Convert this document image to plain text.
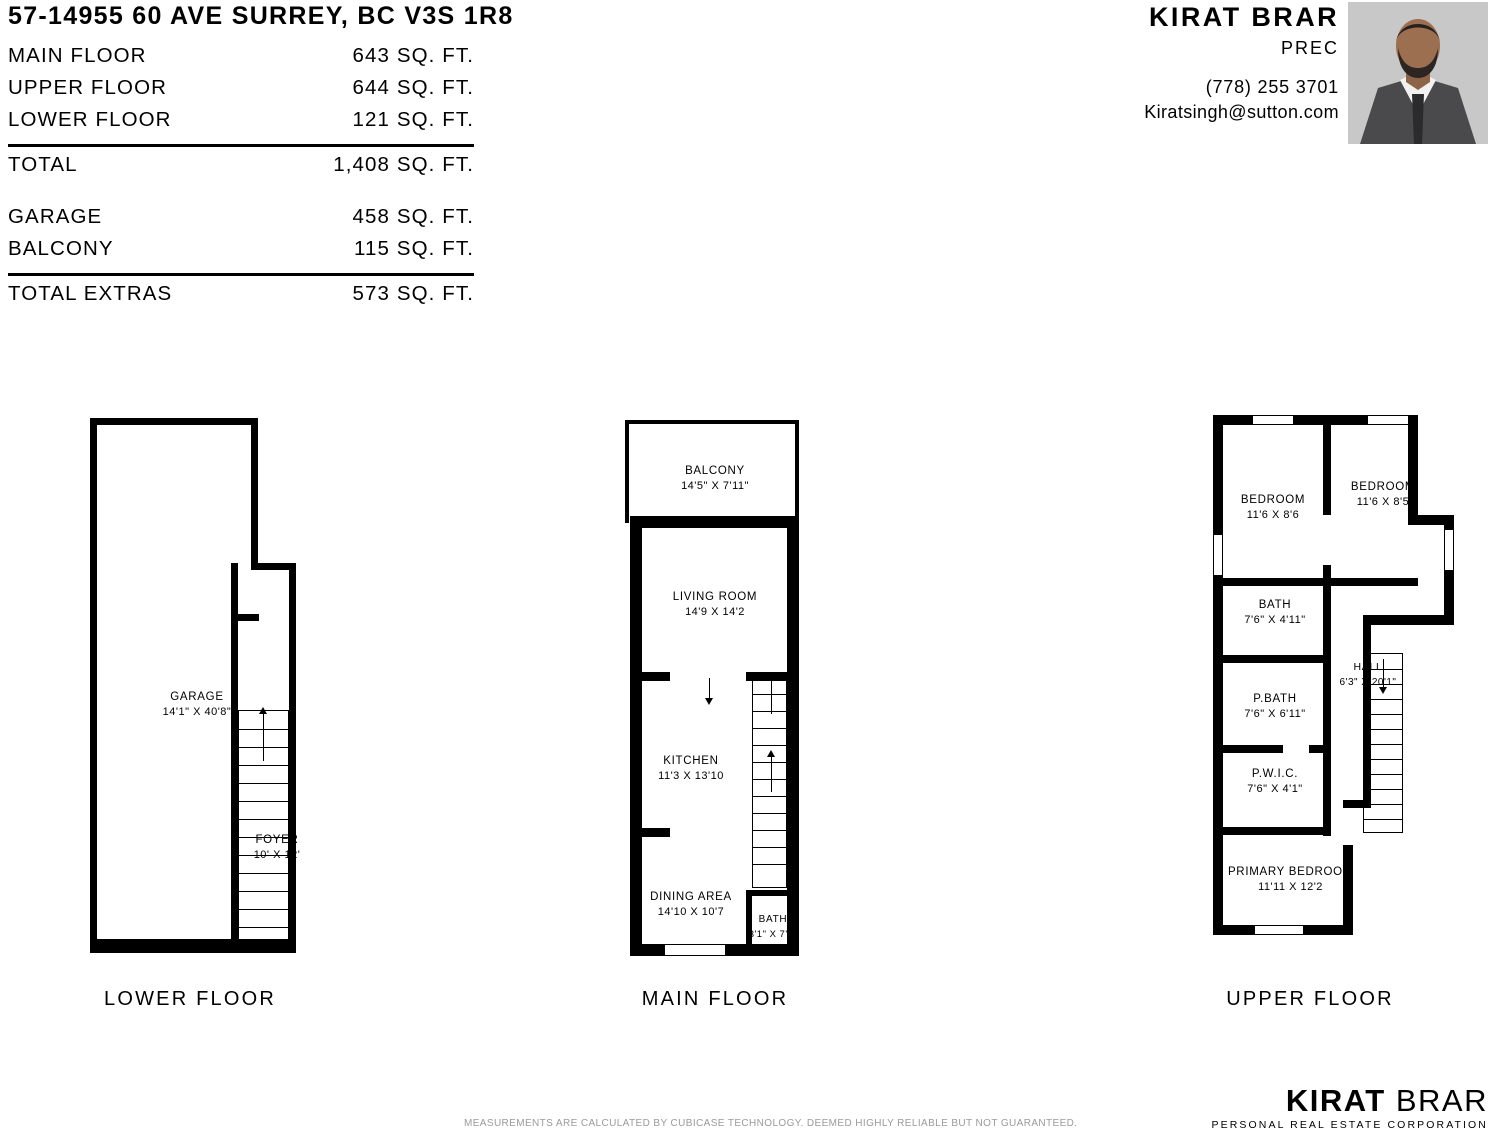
57-14955 60 AVE SURREY, BC V3S 1R8
MAIN FLOOR	643 SQ. FT.
UPPER FLOOR	644 SQ. FT.
LOWER FLOOR	121 SQ. FT.
TOTAL	1,408 SQ. FT.
GARAGE	458 SQ. FT.
BALCONY	115 SQ. FT.
TOTAL EXTRAS	573 SQ. FT.
KIRAT BRAR
PREC
(778) 255 3701
Kiratsingh@sutton.com
GARAGE
14'1" X 40'8"
FOYER
10' X 12'
LOWER FLOOR
BALCONY
14'5" X 7'11"
LIVING ROOM
14'9 X 14'2
KITCHEN
11'3 X 13'10
DINING AREA
14'10 X 10'7
BATH
3'1" X 7'1"
MAIN FLOOR
BEDROOM
11'6 X 8'6
BEDROOM
11'6 X 8'5
BATH
7'6" X 4'11"
HALL
6'3" X 20'1"
P.BATH
7'6" X 6'11"
P.W.I.C.
7'6" X 4'1"
PRIMARY BEDROOM
11'11 X 12'2
UPPER FLOOR
MEASUREMENTS ARE CALCULATED BY CUBICASE TECHNOLOGY. DEEMED HIGHLY RELIABLE BUT NOT GUARANTEED.
KIRAT BRAR
PERSONAL REAL ESTATE CORPORATION
